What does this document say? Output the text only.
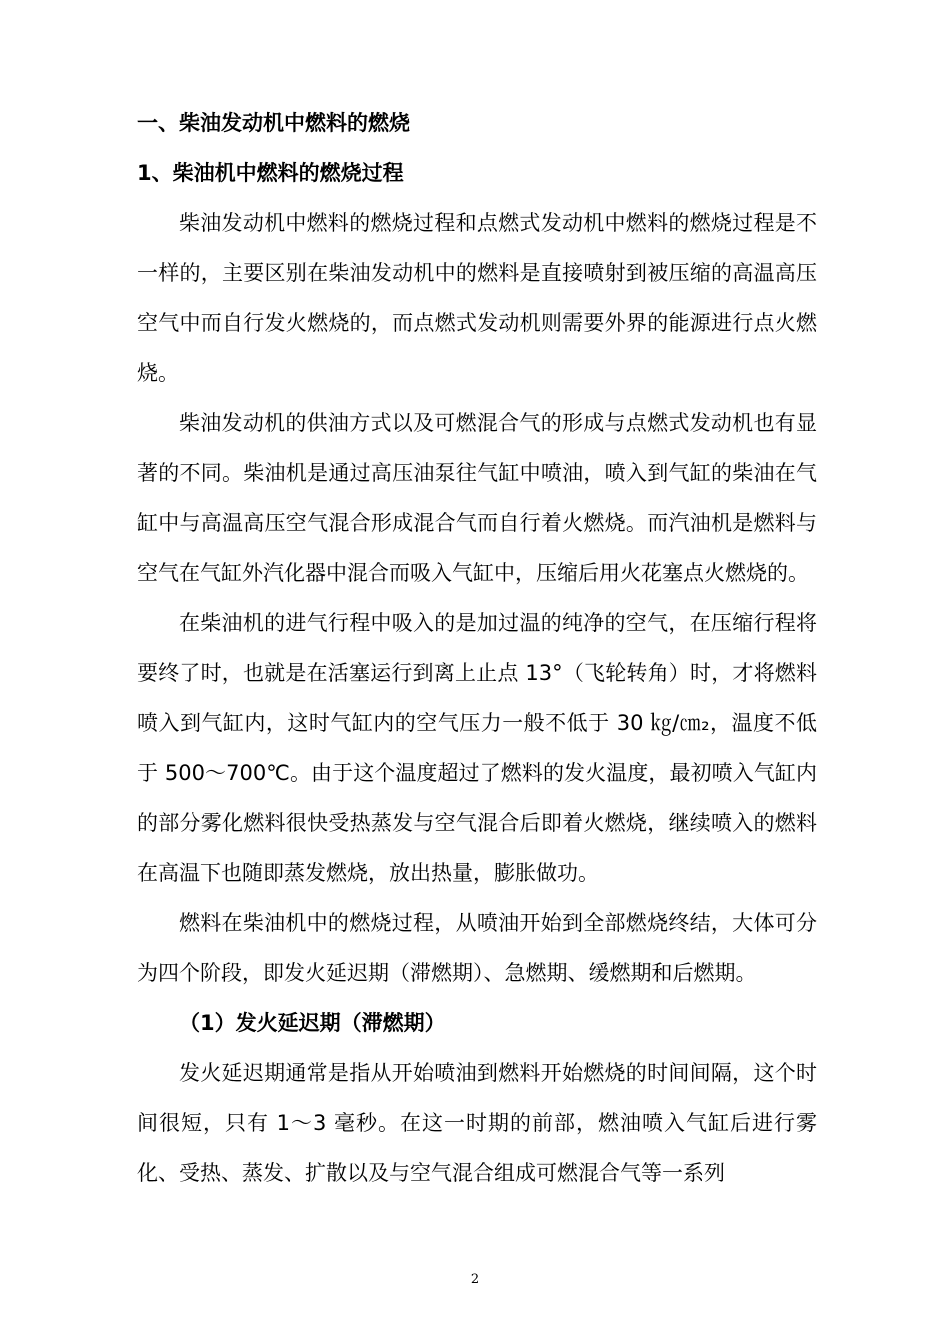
一、柴油发动机中燃料的燃烧

1、柴油机中燃料的燃烧过程

柴油发动机中燃料的燃烧过程和点燃式发动机中燃料的燃烧过程是不一样的，主要区别在柴油发动机中的燃料是直接喷射到被压缩的高温高压空气中而自行发火燃烧的，而点燃式发动机则需要外界的能源进行点火燃烧。

柴油发动机的供油方式以及可燃混合气的形成与点燃式发动机也有显著的不同。柴油机是通过高压油泵往气缸中喷油，喷入到气缸的柴油在气缸中与高温高压空气混合形成混合气而自行着火燃烧。而汽油机是燃料与空气在气缸外汽化器中混合而吸入气缸中，压缩后用火花塞点火燃烧的。

在柴油机的进气行程中吸入的是加过温的纯净的空气，在压缩行程将要终了时，也就是在活塞运行到离上止点 13°（飞轮转角）时，才将燃料喷入到气缸内，这时气缸内的空气压力一般不低于 30 ㎏/㎝₂，温度不低于 500～700℃。由于这个温度超过了燃料的发火温度，最初喷入气缸内的部分雾化燃料很快受热蒸发与空气混合后即着火燃烧，继续喷入的燃料在高温下也随即蒸发燃烧，放出热量，膨胀做功。

燃料在柴油机中的燃烧过程，从喷油开始到全部燃烧终结，大体可分为四个阶段，即发火延迟期（滞燃期）、急燃期、缓燃期和后燃期。

（1）发火延迟期（滞燃期）

发火延迟期通常是指从开始喷油到燃料开始燃烧的时间间隔，这个时间很短，只有 1～3 毫秒。在这一时期的前部，燃油喷入气缸后进行雾化、受热、蒸发、扩散以及与空气混合组成可燃混合气等一系列

2
